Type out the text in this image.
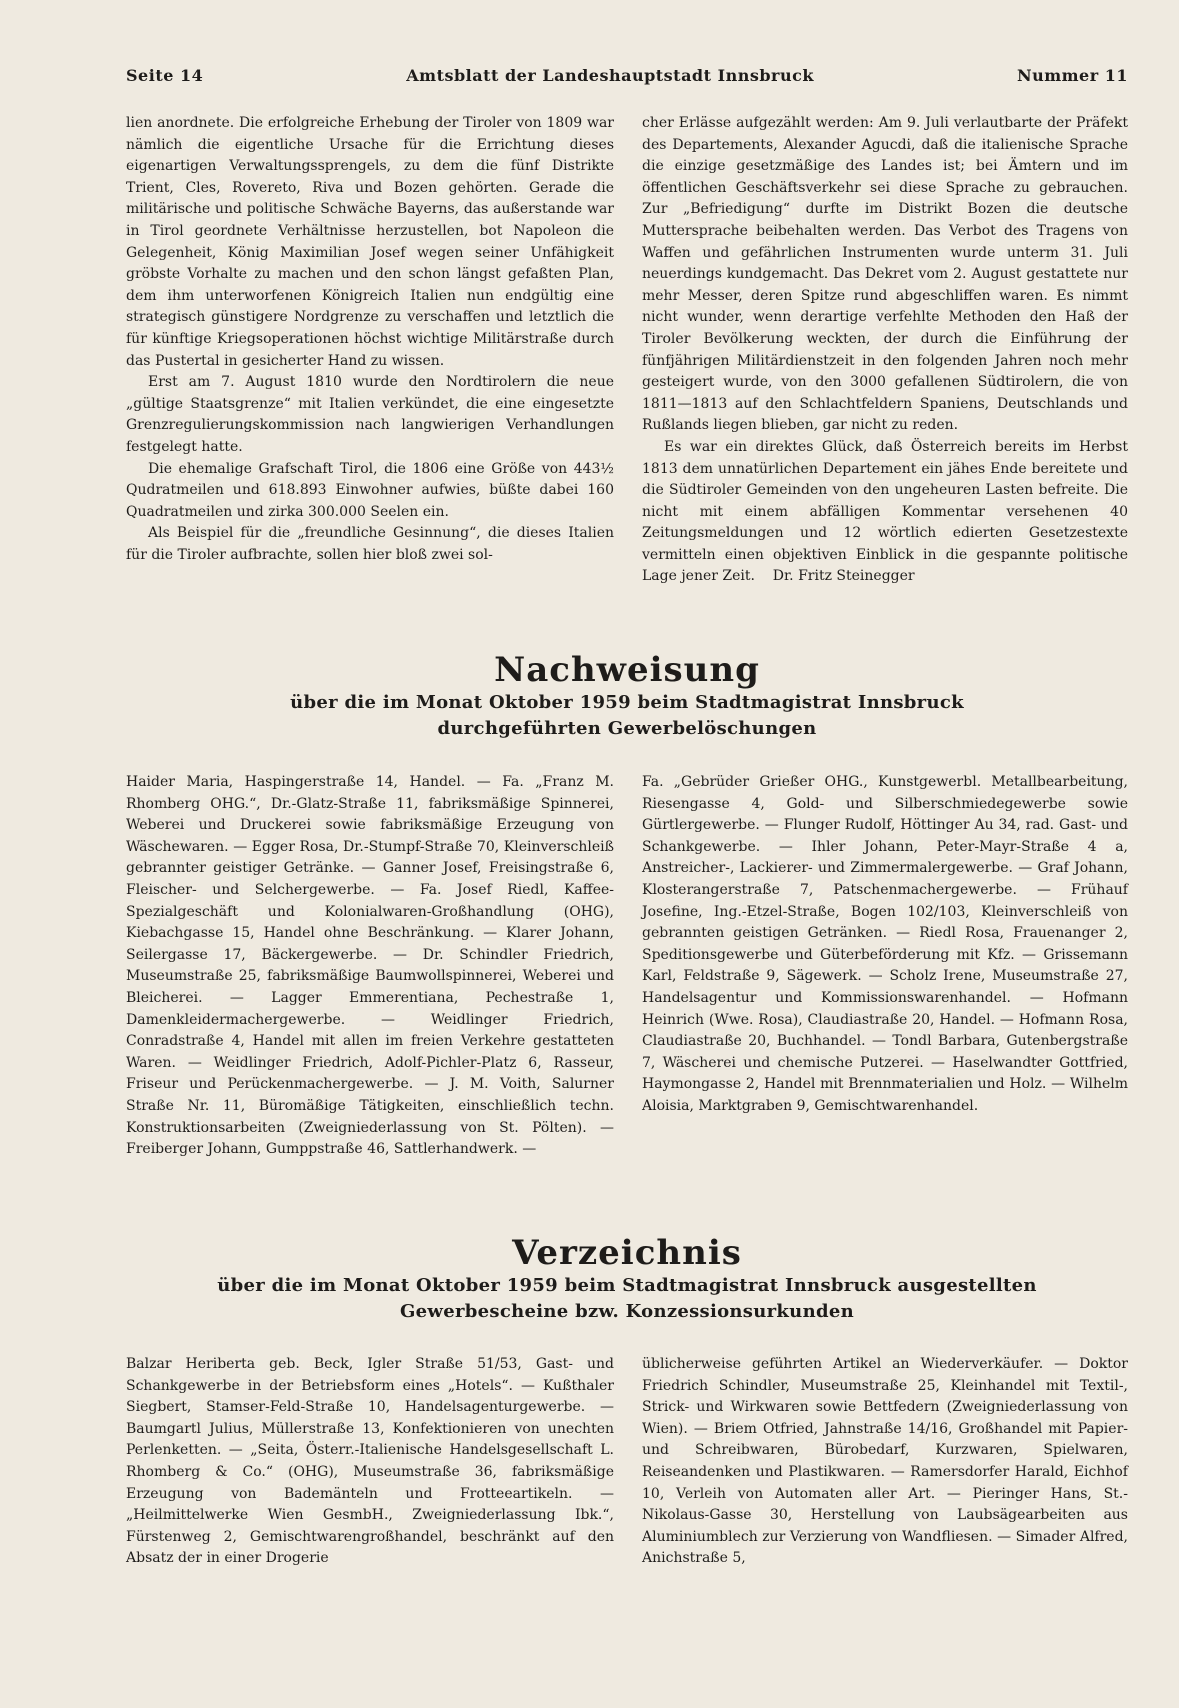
Seite 14	Amtsblatt der Landeshauptstadt Innsbruck	Nummer 11

lien anordnete. Die erfolgreiche Erhebung der Tiroler von 1809 war nämlich die eigentliche Ursache für die Errichtung dieses eigenartigen Verwaltungssprengels, zu dem die fünf Distrikte Trient, Cles, Rovereto, Riva und Bozen gehörten. Gerade die militärische und politische Schwäche Bayerns, das außerstande war in Tirol geordnete Verhältnisse herzustellen, bot Napoleon die Gelegenheit, König Maximilian Josef wegen seiner Unfähigkeit gröbste Vorhalte zu machen und den schon längst gefaßten Plan, dem ihm unterworfenen Königreich Italien nun endgültig eine strategisch günstigere Nordgrenze zu verschaffen und letztlich die für künftige Kriegsoperationen höchst wichtige Militärstraße durch das Pustertal in gesicherter Hand zu wissen.

Erst am 7. August 1810 wurde den Nordtirolern die neue „gültige Staatsgrenze“ mit Italien verkündet, die eine eingesetzte Grenzregulierungskommission nach langwierigen Verhandlungen festgelegt hatte.

Die ehemalige Grafschaft Tirol, die 1806 eine Größe von 443½ Qudratmeilen und 618.893 Einwohner aufwies, büßte dabei 160 Quadratmeilen und zirka 300.000 Seelen ein.

Als Beispiel für die „freundliche Gesinnung“, die dieses Italien für die Tiroler aufbrachte, sollen hier bloß zwei sol-

cher Erlässe aufgezählt werden: Am 9. Juli verlautbarte der Präfekt des Departements, Alexander Agucdi, daß die italienische Sprache die einzige gesetzmäßige des Landes ist; bei Ämtern und im öffentlichen Geschäftsverkehr sei diese Sprache zu gebrauchen. Zur „Befriedigung“ durfte im Distrikt Bozen die deutsche Muttersprache beibehalten werden. Das Verbot des Tragens von Waffen und gefährlichen Instrumenten wurde unterm 31. Juli neuerdings kundgemacht. Das Dekret vom 2. August gestattete nur mehr Messer, deren Spitze rund abgeschliffen waren. Es nimmt nicht wunder, wenn derartige verfehlte Methoden den Haß der Tiroler Bevölkerung weckten, der durch die Einführung der fünfjährigen Militärdienstzeit in den folgenden Jahren noch mehr gesteigert wurde, von den 3000 gefallenen Südtirolern, die von 1811—1813 auf den Schlachtfeldern Spaniens, Deutschlands und Rußlands liegen blieben, gar nicht zu reden.

Es war ein direktes Glück, daß Österreich bereits im Herbst 1813 dem unnatürlichen Departement ein jähes Ende bereitete und die Südtiroler Gemeinden von den ungeheuren Lasten befreite. Die nicht mit einem abfälligen Kommentar versehenen 40 Zeitungsmeldungen und 12 wörtlich edierten Gesetzestexte vermitteln einen objektiven Einblick in die gespannte politische Lage jener Zeit. Dr. Fritz Steinegger

Nachweisung
über die im Monat Oktober 1959 beim Stadtmagistrat Innsbruck
durchgeführten Gewerbelöschungen

Haider Maria, Haspingerstraße 14, Handel. — Fa. „Franz M. Rhomberg OHG.“, Dr.-Glatz-Straße 11, fabriksmäßige Spinnerei, Weberei und Druckerei sowie fabriksmäßige Erzeugung von Wäschewaren. — Egger Rosa, Dr.-Stumpf-Straße 70, Kleinverschleiß gebrannter geistiger Getränke. — Ganner Josef, Freisingstraße 6, Fleischer- und Selchergewerbe. — Fa. Josef Riedl, Kaffee-Spezialgeschäft und Kolonialwaren-Großhandlung (OHG), Kiebachgasse 15, Handel ohne Beschränkung. — Klarer Johann, Seilergasse 17, Bäckergewerbe. — Dr. Schindler Friedrich, Museumstraße 25, fabriksmäßige Baumwollspinnerei, Weberei und Bleicherei. — Lagger Emmerentiana, Pechestraße 1, Damenkleidermachergewerbe. — Weidlinger Friedrich, Conradstraße 4, Handel mit allen im freien Verkehre gestatteten Waren. — Weidlinger Friedrich, Adolf-Pichler-Platz 6, Rasseur, Friseur und Perückenmachergewerbe. — J. M. Voith, Salurner Straße Nr. 11, Büromäßige Tätigkeiten, einschließlich techn. Konstruktionsarbeiten (Zweigniederlassung von St. Pölten). — Freiberger Johann, Gumppstraße 46, Sattlerhandwerk. —

Fa. „Gebrüder Grießer OHG., Kunstgewerbl. Metallbearbeitung, Riesengasse 4, Gold- und Silberschmiedegewerbe sowie Gürtlergewerbe. — Flunger Rudolf, Höttinger Au 34, rad. Gast- und Schankgewerbe. — Ihler Johann, Peter-Mayr-Straße 4 a, Anstreicher-, Lackierer- und Zimmermalergewerbe. — Graf Johann, Klosterangerstraße 7, Patschenmachergewerbe. — Frühauf Josefine, Ing.-Etzel-Straße, Bogen 102/103, Kleinverschleiß von gebrannten geistigen Getränken. — Riedl Rosa, Frauenanger 2, Speditionsgewerbe und Güterbeförderung mit Kfz. — Grissemann Karl, Feldstraße 9, Sägewerk. — Scholz Irene, Museumstraße 27, Handelsagentur und Kommissionswarenhandel. — Hofmann Heinrich (Wwe. Rosa), Claudiastraße 20, Handel. — Hofmann Rosa, Claudiastraße 20, Buchhandel. — Tondl Barbara, Gutenbergstraße 7, Wäscherei und chemische Putzerei. — Haselwandter Gottfried, Haymongasse 2, Handel mit Brennmaterialien und Holz. — Wilhelm Aloisia, Marktgraben 9, Gemischtwarenhandel.

Verzeichnis
über die im Monat Oktober 1959 beim Stadtmagistrat Innsbruck ausgestellten
Gewerbescheine bzw. Konzessionsurkunden

Balzar Heriberta geb. Beck, Igler Straße 51/53, Gast- und Schankgewerbe in der Betriebsform eines „Hotels“. — Kußthaler Siegbert, Stamser-Feld-Straße 10, Handelsagenturgewerbe. — Baumgartl Julius, Müllerstraße 13, Konfektionieren von unechten Perlenketten. — „Seita, Österr.-Italienische Handelsgesellschaft L. Rhomberg & Co.“ (OHG), Museumstraße 36, fabriksmäßige Erzeugung von Bademänteln und Frotteeartikeln. — „Heilmittelwerke Wien GesmbH., Zweigniederlassung Ibk.“, Fürstenweg 2, Gemischtwarengroßhandel, beschränkt auf den Absatz der in einer Drogerie

üblicherweise geführten Artikel an Wiederverkäufer. — Doktor Friedrich Schindler, Museumstraße 25, Kleinhandel mit Textil-, Strick- und Wirkwaren sowie Bettfedern (Zweigniederlassung von Wien). — Briem Otfried, Jahnstraße 14/16, Großhandel mit Papier- und Schreibwaren, Bürobedarf, Kurzwaren, Spielwaren, Reiseandenken und Plastikwaren. — Ramersdorfer Harald, Eichhof 10, Verleih von Automaten aller Art. — Pieringer Hans, St.-Nikolaus-Gasse 30, Herstellung von Laubsägearbeiten aus Aluminiumblech zur Verzierung von Wandfliesen. — Simader Alfred, Anichstraße 5,
